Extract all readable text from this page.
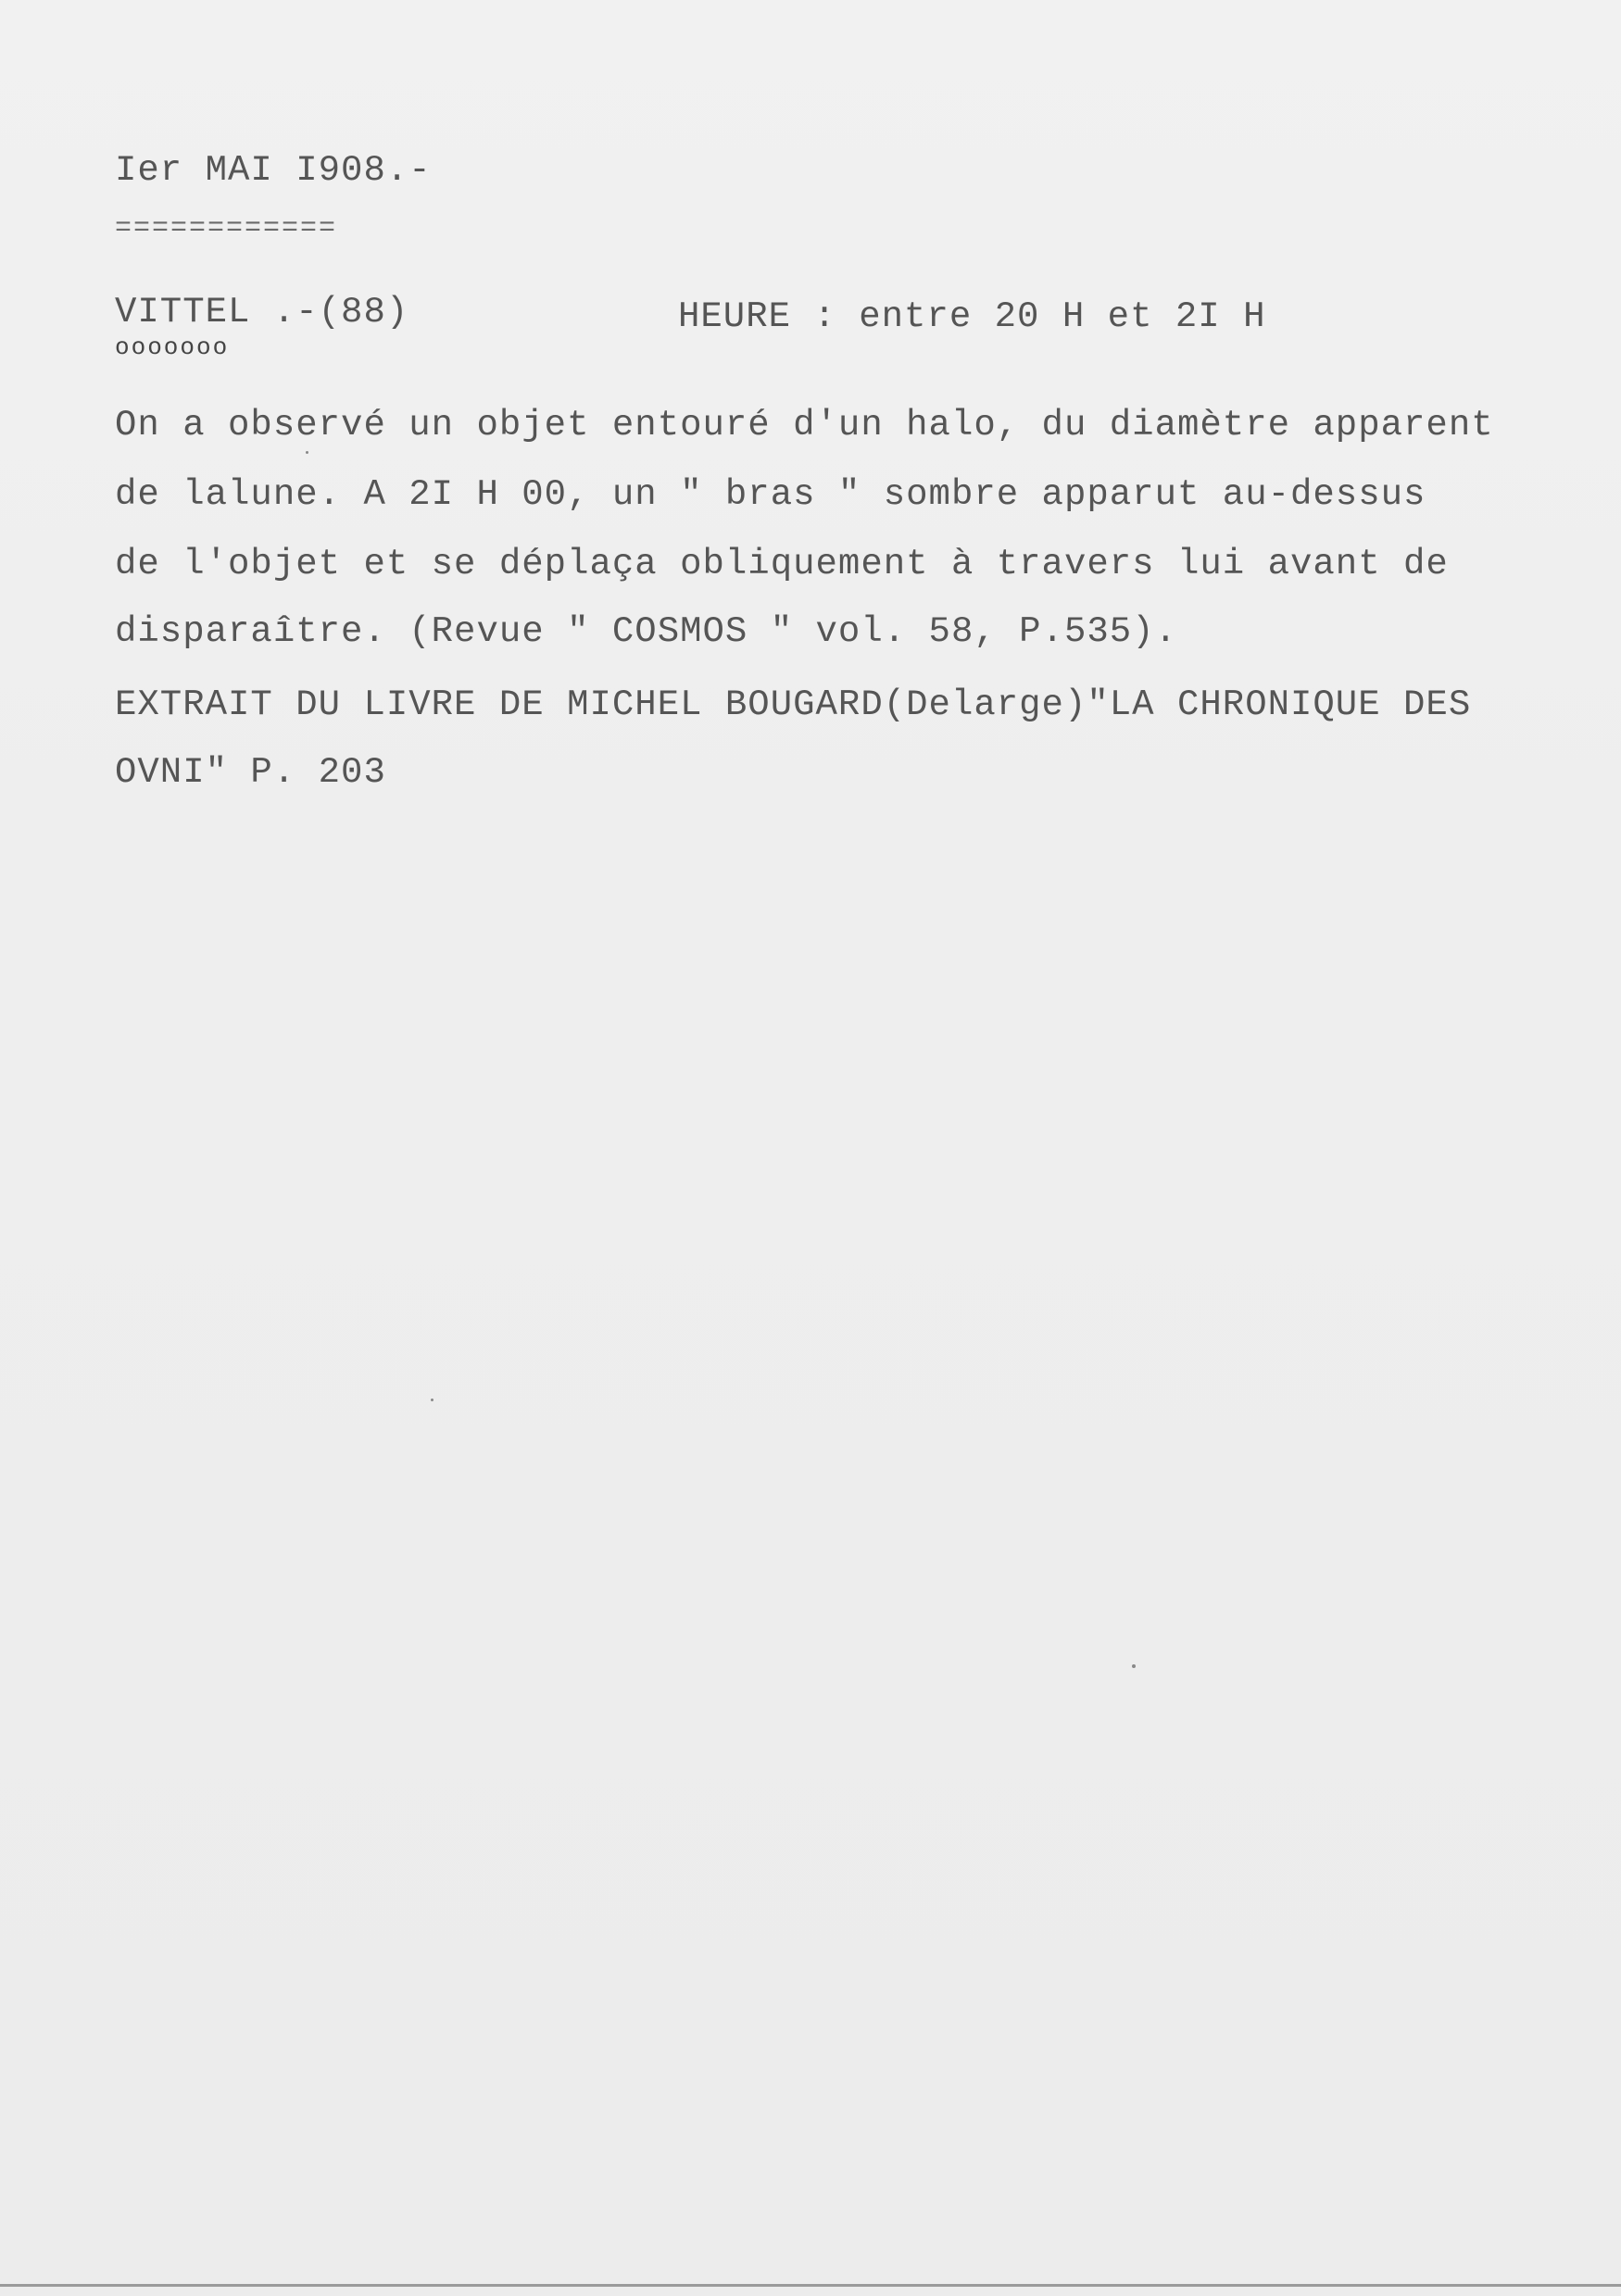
Ier MAI I908.-
============
VITTEL .-(88)
ooooooo
HEURE : entre 20 H et 2I H
On a observé un objet entouré d'un halo, du diamètre apparent
de lalune. A 2I H 00, un " bras " sombre apparut au-dessus
de l'objet et se déplaça obliquement à travers lui avant de
disparaître. (Revue " COSMOS " vol. 58, P.535).
EXTRAIT DU LIVRE DE MICHEL BOUGARD(Delarge)"LA CHRONIQUE DES
OVNI" P. 203
